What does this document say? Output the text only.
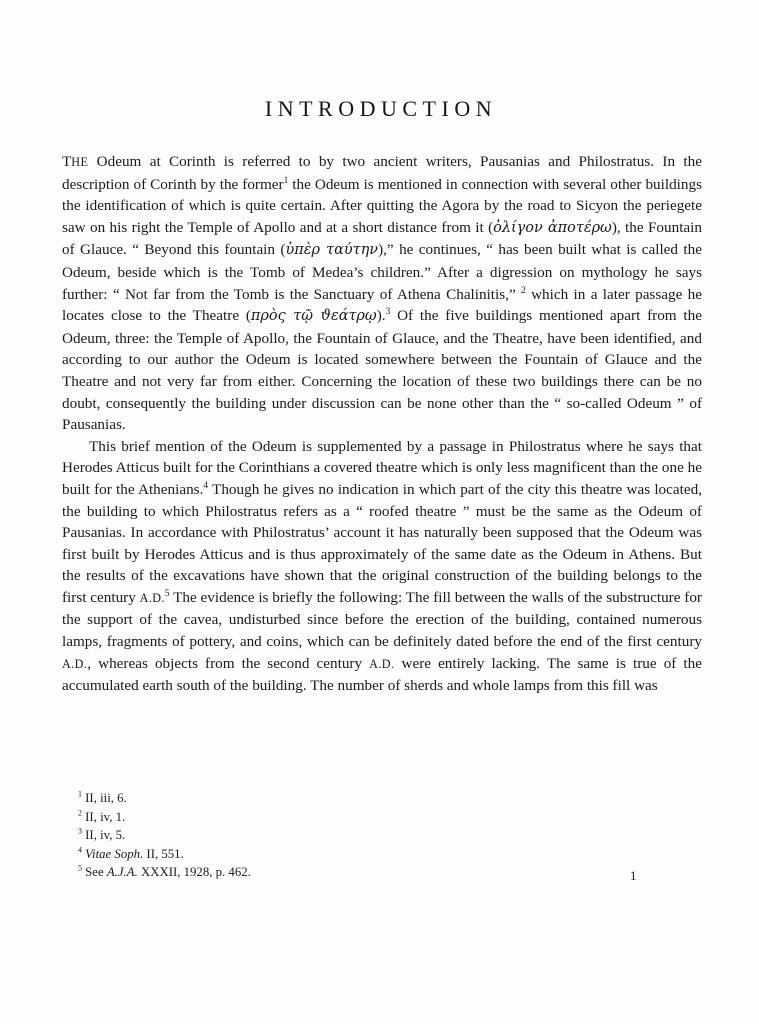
INTRODUCTION

THE Odeum at Corinth is referred to by two ancient writers, Pausanias and Philostratus. In the description of Corinth by the former$^1$ the Odeum is mentioned in connection with several other buildings the identification of which is quite certain. After quitting the Agora by the road to Sicyon the periegete saw on his right the Temple of Apollo and at a short distance from it (ὀλίγον ἀποτέρω), the Fountain of Glauce. “ Beyond this fountain (ὑπὲρ ταύτην),” he continues, “ has been built what is called the Odeum, beside which is the Tomb of Medea’s children.” After a digression on mythology he says further: “ Not far from the Tomb is the Sanctuary of Athena Chalinitis,” $^2$ which in a later passage he locates close to the Theatre (πρὸς τῷ ϑεάτρῳ).$^3$ Of the five buildings mentioned apart from the Odeum, three: the Temple of Apollo, the Fountain of Glauce, and the Theatre, have been identified, and according to our author the Odeum is located somewhere between the Fountain of Glauce and the Theatre and not very far from either. Concerning the location of these two buildings there can be no doubt, consequently the building under discussion can be none other than the “ so-called Odeum ” of Pausanias.

This brief mention of the Odeum is supplemented by a passage in Philostratus where he says that Herodes Atticus built for the Corinthians a covered theatre which is only less magnificent than the one he built for the Athenians.$^4$ Though he gives no indication in which part of the city this theatre was located, the building to which Philostratus refers as a “ roofed theatre ” must be the same as the Odeum of Pausanias. In accordance with Philostratus’ account it has naturally been supposed that the Odeum was first built by Herodes Atticus and is thus approximately of the same date as the Odeum in Athens. But the results of the excavations have shown that the original construction of the building belongs to the first century A.D.$^5$ The evidence is briefly the following: The fill between the walls of the substructure for the support of the cavea, undisturbed since before the erection of the building, contained numerous lamps, fragments of pottery, and coins, which can be definitely dated before the end of the first century A.D., whereas objects from the second century A.D. were entirely lacking. The same is true of the accumulated earth south of the building. The number of sherds and whole lamps from this fill was

$^1$ II, iii, 6.
$^2$ II, iv, 1.
$^3$ II, iv, 5.
$^4$ Vitae Soph. II, 551.
$^5$ See A.J.A. XXXII, 1928, p. 462.	1
